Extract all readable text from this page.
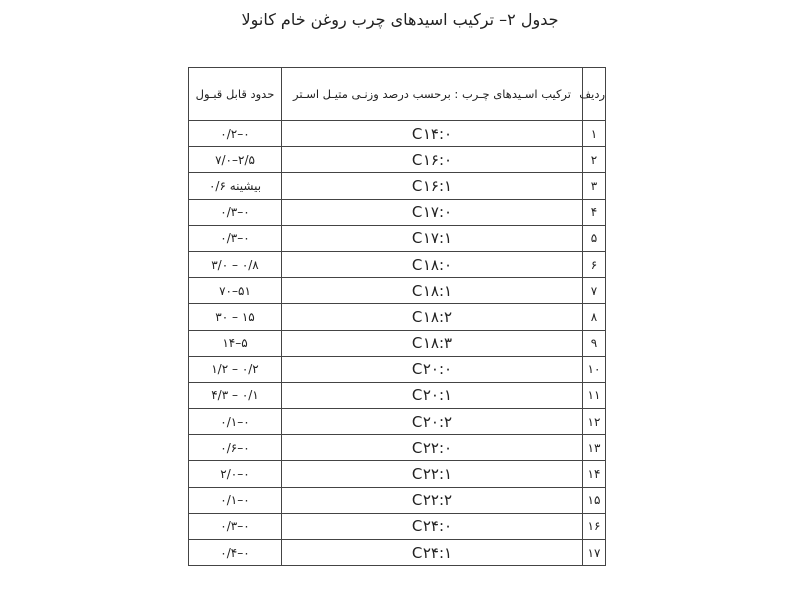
جدول ۲– ترکیب اسیدهای چرب روغن خام کانولا
ردیف	ترکیب اسـیدهای چـرب : برحسب درصد وزنـی متیـل اسـتر	حدود قابل قبـول
۱	C۱۴:۰	۰–۰/۲
۲	C۱۶:۰	۲/۵–۷/۰
۳	C۱۶:۱	بیشینه ۰/۶
۴	C۱۷:۰	۰–۰/۳
۵	C۱۷:۱	۰–۰/۳
۶	C۱۸:۰	۰/۸ – ۳/۰
۷	C۱۸:۱	۵۱–۷۰
۸	C۱۸:۲	۱۵ – ۳۰
۹	C۱۸:۳	۵–۱۴
۱۰	C۲۰:۰	۰/۲ – ۱/۲
۱۱	C۲۰:۱	۰/۱ – ۴/۳
۱۲	C۲۰:۲	۰–۰/۱
۱۳	C۲۲:۰	۰–۰/۶
۱۴	C۲۲:۱	۰–۲/۰
۱۵	C۲۲:۲	۰–۰/۱
۱۶	C۲۴:۰	۰–۰/۳
۱۷	C۲۴:۱	۰–۰/۴
